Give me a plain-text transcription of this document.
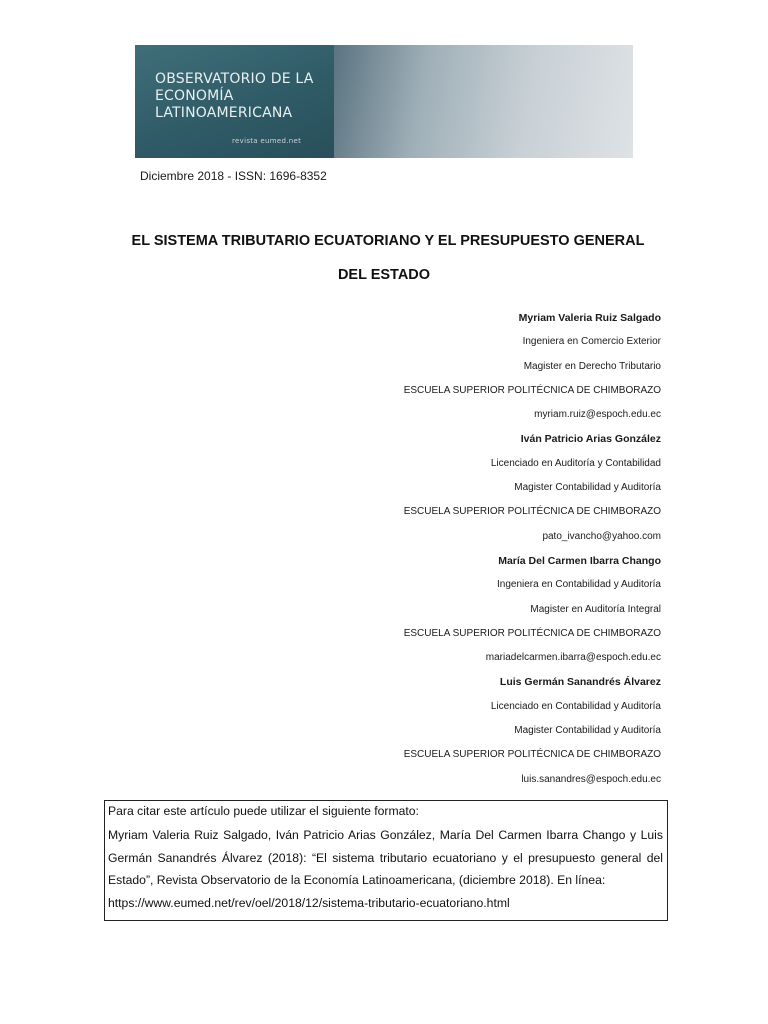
OBSERVATORIO DE LA
ECONOMÍA
LATINOAMERICANA
revista eumed.net
Diciembre 2018 - ISSN: 1696-8352
EL SISTEMA TRIBUTARIO ECUATORIANO Y EL PRESUPUESTO GENERAL
DEL ESTADO
Myriam Valeria Ruiz Salgado
Ingeniera en Comercio Exterior
Magister en Derecho Tributario
ESCUELA SUPERIOR POLITÉCNICA DE CHIMBORAZO
myriam.ruiz@espoch.edu.ec
Iván Patricio Arias González
Licenciado en Auditoría y Contabilidad
Magister Contabilidad y Auditoría
ESCUELA SUPERIOR POLITÉCNICA DE CHIMBORAZO
pato_ivancho@yahoo.com
María Del Carmen Ibarra Chango
Ingeniera en Contabilidad y Auditoría
Magister en Auditoría Integral
ESCUELA SUPERIOR POLITÉCNICA DE CHIMBORAZO
mariadelcarmen.ibarra@espoch.edu.ec
Luis Germán Sanandrés Álvarez
Licenciado en Contabilidad y Auditoría
Magister Contabilidad y Auditoría
ESCUELA SUPERIOR POLITÉCNICA DE CHIMBORAZO
luis.sanandres@espoch.edu.ec
Para citar este artículo puede utilizar el siguiente formato:
Myriam Valeria Ruiz Salgado, Iván Patricio Arias González, María Del Carmen Ibarra Chango y Luis Germán Sanandrés Álvarez (2018): “El sistema tributario ecuatoriano y el presupuesto general del Estado”, Revista Observatorio de la Economía Latinoamericana, (diciembre 2018). En línea:
https://www.eumed.net/rev/oel/2018/12/sistema-tributario-ecuatoriano.html
